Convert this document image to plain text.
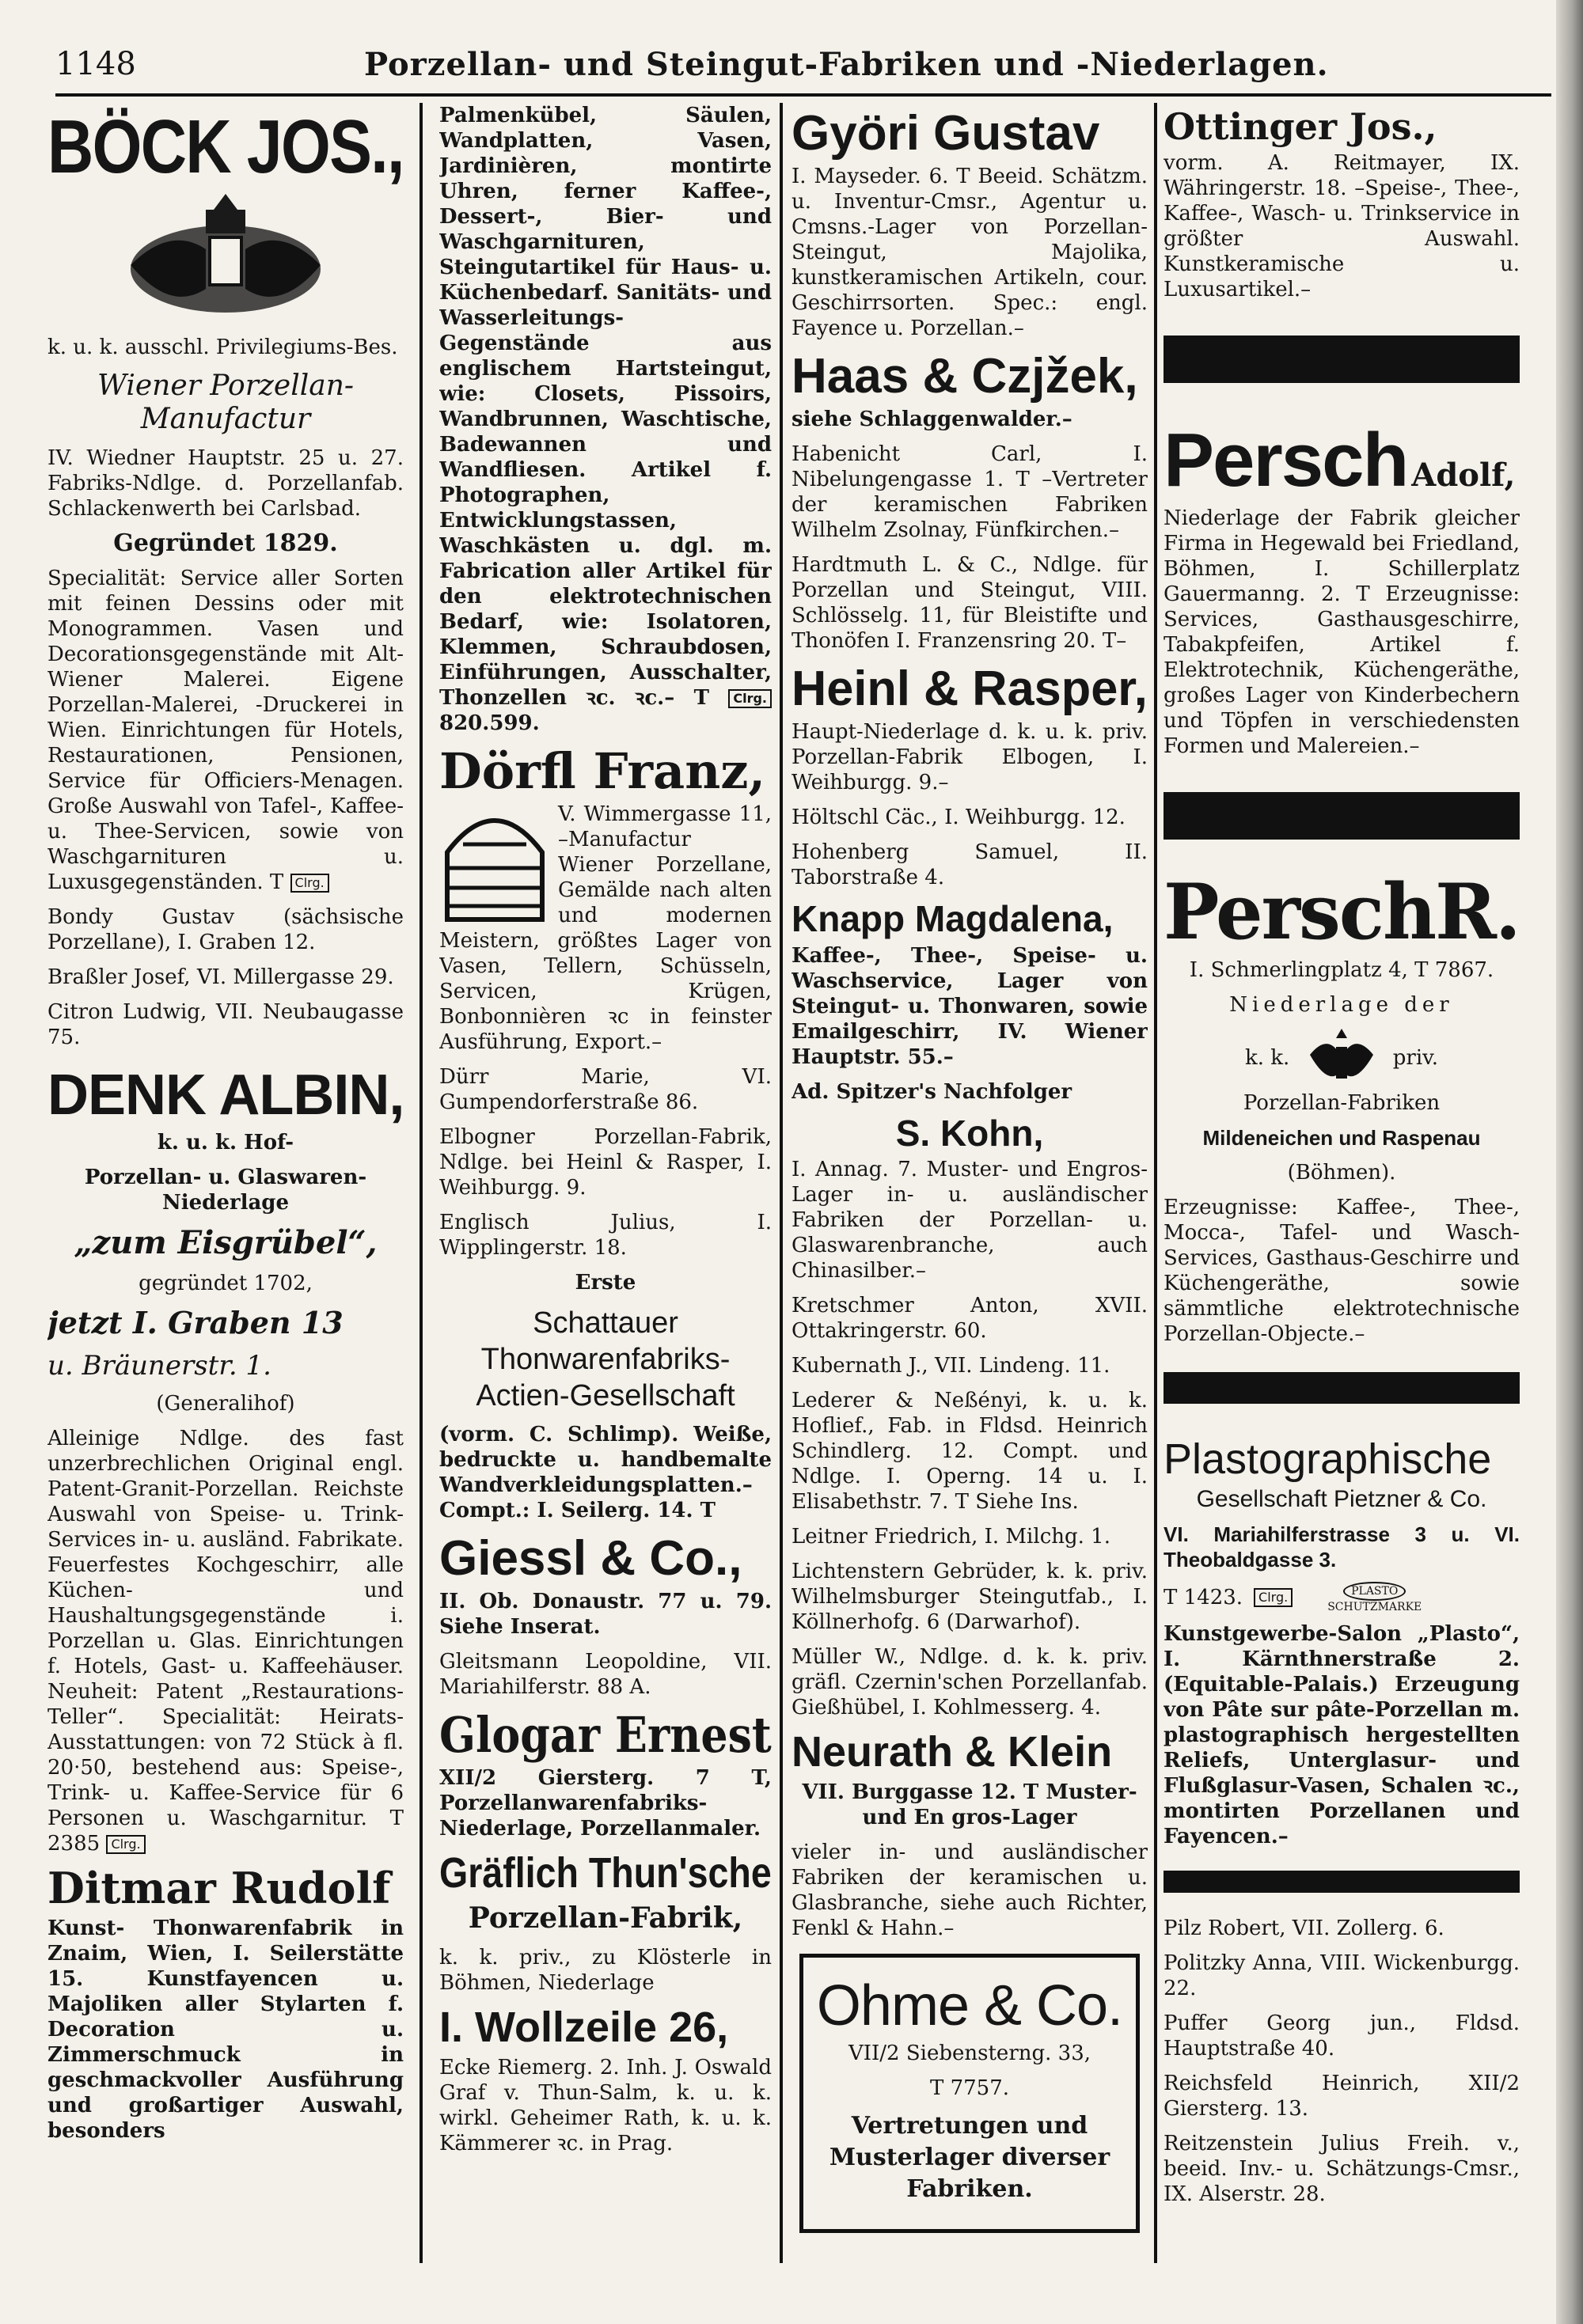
1148	Porzellan- und Steingut-Fabriken und -Niederlagen.
BÖCK JOS.,

k. u. k. ausschl. Privilegiums-Bes.

Wiener Porzellan-Manufactur

IV. Wiedner Hauptstr. 25 u. 27. Fabriks-Ndlge. d. Porzellanfab. Schlackenwerth bei Carlsbad.

Gegründet 1829.

Specialität: Service aller Sorten mit feinen Dessins oder mit Monogrammen. Vasen und Decorationsgegenstände mit Alt-Wiener Malerei. Eigene Porzellan-Malerei, -Druckerei in Wien. Einrichtungen für Hotels, Restaurationen, Pensionen, Service für Officiers-Menagen. Große Auswahl von Tafel-, Kaffee- u. Thee-Servicen, sowie von Waschgarnituren u. Luxusgegenständen. T Clrg.

Bondy Gustav (sächsische Porzellane), I. Graben 12.

Braßler Josef, VI. Millergasse 29.

Citron Ludwig, VII. Neubaugasse 75.

DENK ALBIN,

k. u. k. Hof-

Porzellan- u. Glaswaren-Niederlage

„zum Eisgrübel“,

gegründet 1702,

jetzt I. Graben 13

u. Bräunerstr. 1.

(Generalihof)

Alleinige Ndlge. des fast unzerbrechlichen Original engl. Patent-Granit-Porzellan. Reichste Auswahl von Speise- u. Trink-Services in- u. ausländ. Fabrikate. Feuerfestes Kochgeschirr, alle Küchen- und Haushaltungsgegenstände i. Porzellan u. Glas. Einrichtungen f. Hotels, Gast- u. Kaffeehäuser. Neuheit: Patent „Restaurations-Teller“. Specialität: Heirats-Ausstattungen: von 72 Stück à fl. 20·50, bestehend aus: Speise-, Trink- u. Kaffee-Service für 6 Personen u. Waschgarnitur. T 2385 Clrg.

Ditmar Rudolf

Kunst- Thonwarenfabrik in Znaim, Wien, I. Seilerstätte 15. Kunstfayencen u. Majoliken aller Stylarten f. Decoration u. Zimmerschmuck in geschmackvoller Ausführung und großartiger Auswahl, besonders

Palmenkübel, Säulen, Wandplatten, Vasen, Jardinièren, montirte Uhren, ferner Kaffee-, Dessert-, Bier- und Waschgarnituren, Steingutartikel für Haus- u. Küchenbedarf. Sanitäts- und Wasserleitungs-Gegenstände aus englischem Hartsteingut, wie: Closets, Pissoirs, Wandbrunnen, Waschtische, Badewannen und Wandfliesen. Artikel f. Photographen, Entwicklungstassen, Waschkästen u. dgl. m. Fabrication aller Artikel für den elektrotechnischen Bedarf, wie: Isolatoren, Klemmen, Schraubdosen, Einführungen, Ausschalter, Thonzellen ꝛc. ꝛc.– T Clrg. 820.599.

Dörfl Franz,

V. Wimmergasse 11, –Manufactur Wiener Porzellane, Gemälde nach alten und modernen Meistern, größtes Lager von Vasen, Tellern, Schüsseln, Servicen, Krügen, Bonbonnièren ꝛc in feinster Ausführung, Export.–

Dürr Marie, VI. Gumpendorferstraße 86.

Elbogner Porzellan-Fabrik, Ndlge. bei Heinl & Rasper, I. Weihburgg. 9.

Englisch Julius, I. Wipplingerstr. 18.

Erste

Schattauer Thonwarenfabriks-Actien-Gesellschaft

(vorm. C. Schlimp). Weiße, bedruckte u. handbemalte Wandverkleidungsplatten.– Compt.: I. Seilerg. 14. T

Giessl & Co.,

II. Ob. Donaustr. 77 u. 79. Siehe Inserat.

Gleitsmann Leopoldine, VII. Mariahilferstr. 88 A.

Glogar Ernest

XII/2 Giersterg. 7 T, Porzellanwarenfabriks-Niederlage, Porzellanmaler.

Gräflich Thun'sche

Porzellan-Fabrik,

k. k. priv., zu Klösterle in Böhmen, Niederlage

I. Wollzeile 26,

Ecke Riemerg. 2. Inh. J. Oswald Graf v. Thun-Salm, k. u. k. wirkl. Geheimer Rath, k. u. k. Kämmerer ꝛc. in Prag.

Györi Gustav

I. Mayseder. 6. T Beeid. Schätzm. u. Inventur-Cmsr., Agentur u. Cmsns.-Lager von Porzellan-Steingut, Majolika, kunstkeramischen Artikeln, cour. Geschirrsorten. Spec.: engl. Fayence u. Porzellan.–

Haas & Czjžek,

siehe Schlaggenwalder.–

Habenicht Carl, I. Nibelungengasse 1. T –Vertreter der keramischen Fabriken Wilhelm Zsolnay, Fünfkirchen.–

Hardtmuth L. & C., Ndlge. für Porzellan und Steingut, VIII. Schlösselg. 11, für Bleistifte und Thonöfen I. Franzensring 20. T–

Heinl & Rasper,

Haupt-Niederlage d. k. u. k. priv. Porzellan-Fabrik Elbogen, I. Weihburgg. 9.–

Höltschl Cäc., I. Weihburgg. 12.

Hohenberg Samuel, II. Taborstraße 4.

Knapp Magdalena,

Kaffee-, Thee-, Speise- u. Waschservice, Lager von Steingut- u. Thonwaren, sowie Emailgeschirr, IV. Wiener Hauptstr. 55.–

Ad. Spitzer's Nachfolger

S. Kohn,

I. Annag. 7. Muster- und Engros-Lager in- u. ausländischer Fabriken der Porzellan- u. Glaswarenbranche, auch Chinasilber.–

Kretschmer Anton, XVII. Ottakringerstr. 60.

Kubernath J., VII. Lindeng. 11.

Lederer & Neßényi, k. u. k. Hoflief., Fab. in Fldsd. Heinrich Schindlerg. 12. Compt. und Ndlge. I. Operng. 14 u. I. Elisabethstr. 7. T Siehe Ins.

Leitner Friedrich, I. Milchg. 1.

Lichtenstern Gebrüder, k. k. priv. Wilhelmsburger Steingutfab., I. Köllnerhofg. 6 (Darwarhof).

Müller W., Ndlge. d. k. k. priv. gräfl. Czernin'schen Porzellanfab. Gießhübel, I. Kohlmesserg. 4.

Neurath & Klein

VII. Burggasse 12. T Muster- und En gros-Lager

vieler in- und ausländischer Fabriken der keramischen u. Glasbranche, siehe auch Richter, Fenkl & Hahn.–

Ohme & Co.

VII/2 Siebensterng. 33,

T 7757.

Vertretungen und Musterlager diverser Fabriken.

Ottinger Jos.,

vorm. A. Reitmayer, IX. Währingerstr. 18. –Speise-, Thee-, Kaffee-, Wasch- u. Trinkservice in größter Auswahl. Kunstkeramische u. Luxusartikel.–

Persch Adolf,

Niederlage der Fabrik gleicher Firma in Hegewald bei Friedland, Böhmen, I. Schillerplatz Gauermanng. 2. T Erzeugnisse: Services, Gasthausgeschirre, Tabakpfeifen, Artikel f. Elektrotechnik, Küchengeräthe, großes Lager von Kinderbechern und Töpfen in verschiedensten Formen und Malereien.–

PerschR.

I. Schmerlingplatz 4, T 7867.

Niederlage der

k. k.	priv.

Porzellan-Fabriken

Mildeneichen und Raspenau

(Böhmen).

Erzeugnisse: Kaffee-, Thee-, Mocca-, Tafel- und Wasch-Services, Gasthaus-Geschirre und Küchengeräthe, sowie sämmtliche elektrotechnische Porzellan-Objecte.–

Plastographische

Gesellschaft Pietzner & Co.

VI. Mariahilferstrasse 3 u. VI. Theobaldgasse 3.

T 1423.	Clrg.	PLASTO
SCHUTZMARKE

Kunstgewerbe-Salon „Plasto“, I. Kärnthnerstraße 2. (Equitable-Palais.) Erzeugung von Pâte sur pâte-Porzellan m. plastographisch hergestellten Reliefs, Unterglasur- und Flußglasur-Vasen, Schalen ꝛc., montirten Porzellanen und Fayencen.–

Pilz Robert, VII. Zollerg. 6.

Politzky Anna, VIII. Wickenburgg. 22.

Puffer Georg jun., Fldsd. Hauptstraße 40.

Reichsfeld Heinrich, XII/2 Giersterg. 13.

Reitzenstein Julius Freih. v., beeid. Inv.- u. Schätzungs-Cmsr., IX. Alserstr. 28.
